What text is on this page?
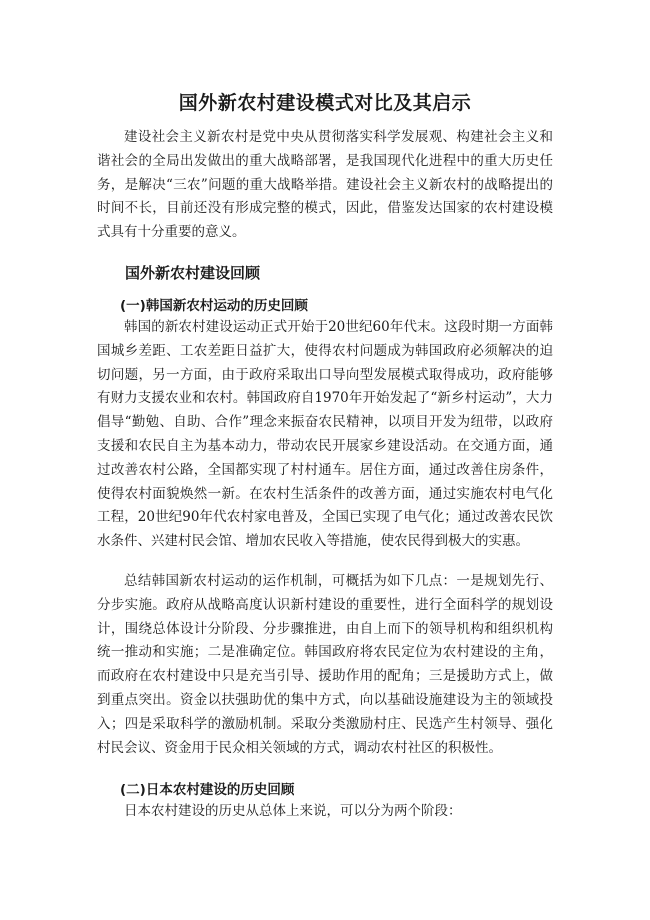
国外新农村建设模式对比及其启示

建设社会主义新农村是党中央从贯彻落实科学发展观、构建社会主义和谐社会的全局出发做出的重大战略部署，是我国现代化进程中的重大历史任务，是解决“三农”问题的重大战略举措。建设社会主义新农村的战略提出的时间不长，目前还没有形成完整的模式，因此，借鉴发达国家的农村建设模式具有十分重要的意义。

国外新农村建设回顾
(一)韩国新农村运动的历史回顾

韩国的新农村建设运动正式开始于20世纪60年代末。这段时期一方面韩国城乡差距、工农差距日益扩大，使得农村问题成为韩国政府必须解决的迫切问题，另一方面，由于政府采取出口导向型发展模式取得成功，政府能够有财力支援农业和农村。韩国政府自1970年开始发起了“新乡村运动”，大力倡导“勤勉、自助、合作”理念来振奋农民精神，以项目开发为纽带，以政府支援和农民自主为基本动力，带动农民开展家乡建设活动。在交通方面，通过改善农村公路，全国都实现了村村通车。居住方面，通过改善住房条件，使得农村面貌焕然一新。在农村生活条件的改善方面，通过实施农村电气化工程，20世纪90年代农村家电普及，全国已实现了电气化；通过改善农民饮水条件、兴建村民会馆、增加农民收入等措施，使农民得到极大的实惠。

总结韩国新农村运动的运作机制，可概括为如下几点：一是规划先行、分步实施。政府从战略高度认识新村建设的重要性，进行全面科学的规划设计，围绕总体设计分阶段、分步骤推进，由自上而下的领导机构和组织机构统一推动和实施；二是准确定位。韩国政府将农民定位为农村建设的主角，而政府在农村建设中只是充当引导、援助作用的配角；三是援助方式上，做到重点突出。资金以扶强助优的集中方式，向以基础设施建设为主的领域投入；四是采取科学的激励机制。采取分类激励村庄、民选产生村领导、强化村民会议、资金用于民众相关领域的方式，调动农村社区的积极性。

(二)日本农村建设的历史回顾

日本农村建设的历史从总体上来说，可以分为两个阶段：
